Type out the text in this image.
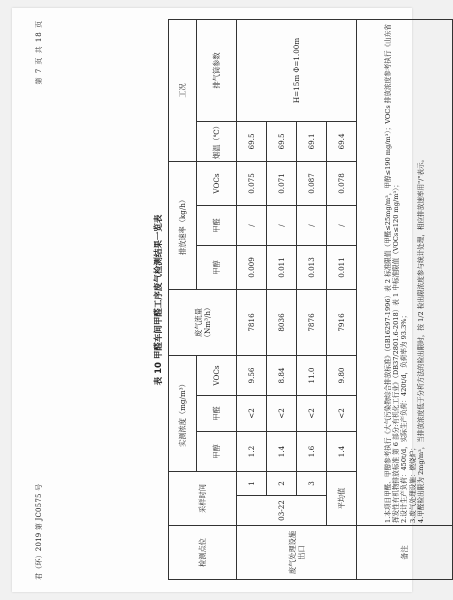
君（环）2019 第 JC0575 号
第 7 页 共 18 页
表 10 甲醛车间甲醛工序废气检测结果一览表
检测点位	采样时间		实测浓度（mg/m³）			废气流量（Nm³/h）	排放速率（kg/h）			工况	
			甲醇	甲醛	VOCs		甲醇	甲醛	VOCs	烟温（℃）	排气筒参数
废气处理设施出口	03-22	1	1.2	<2	9.56	7816	0.009	/	0.075	69.5	H=15m Φ=1.00m
		2	1.4	<2	8.84	8036	0.011	/	0.071	69.5	
		3	1.6	<2	11.0	7876	0.013	/	0.087	69.1	
	平均值		1.4	<2	9.80	7916	0.011	/	0.078	69.4	
备注	1.本项目甲醛、甲醇参考执行《大气污染物综合排放标准》（GB16297-1996）表 2 标准限值（甲醛≤25mg/m³，甲醇≤190 mg/m³）；VOCs 排放浓度参考执行《山东省挥发性有机物排放标准 第 6 部分:有机化工行业》（DB37/2801.6-2018）表 1 中标准限值（VOCs≤120 mg/m³）； 2.设计生产负荷：450t/d，实际生产负荷：420t/d，负荷率为 93.3%； 3.废气处理设施：燃烧炉； 4.甲醛检出限为 2mg/m³，当排放浓度低于分析方法的检出限时，按 1/2 检出限浓度参与统计处理，相应排放速率用"/"表示。										
